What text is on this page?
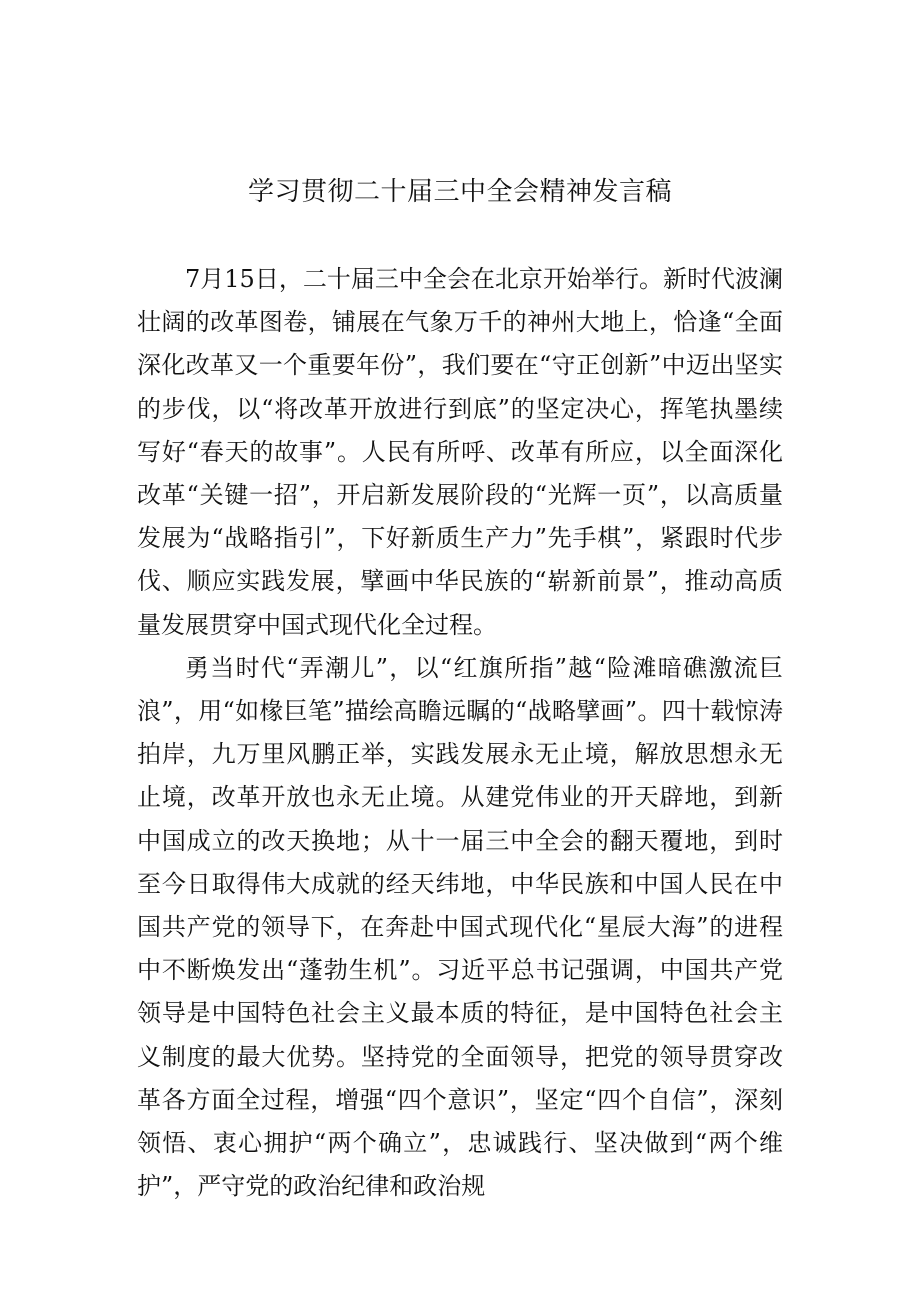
学习贯彻二十届三中全会精神发言稿

7月15日，二十届三中全会在北京开始举行。新时代波澜壮阔的改革图卷，铺展在气象万千的神州大地上，恰逢“全面深化改革又一个重要年份”，我们要在“守正创新”中迈出坚实的步伐，以“将改革开放进行到底”的坚定决心，挥笔执墨续写好“春天的故事”。人民有所呼、改革有所应，以全面深化改革“关键一招”，开启新发展阶段的“光辉一页”，以高质量发展为“战略指引”，下好新质生产力”先手棋”，紧跟时代步伐、顺应实践发展，擘画中华民族的“崭新前景”，推动高质量发展贯穿中国式现代化全过程。

勇当时代“弄潮儿”，以“红旗所指”越“险滩暗礁激流巨浪”，用“如椽巨笔”描绘高瞻远瞩的“战略擘画”。四十载惊涛拍岸，九万里风鹏正举，实践发展永无止境，解放思想永无止境，改革开放也永无止境。从建党伟业的开天辟地，到新中国成立的改天换地；从十一届三中全会的翻天覆地，到时至今日取得伟大成就的经天纬地，中华民族和中国人民在中国共产党的领导下，在奔赴中国式现代化“星辰大海”的进程中不断焕发出“蓬勃生机”。习近平总书记强调，中国共产党领导是中国特色社会主义最本质的特征，是中国特色社会主义制度的最大优势。坚持党的全面领导，把党的领导贯穿改革各方面全过程，增强“四个意识”，坚定“四个自信”，深刻领悟、衷心拥护“两个确立”，忠诚践行、坚决做到“两个维护”，严守党的政治纪律和政治规
